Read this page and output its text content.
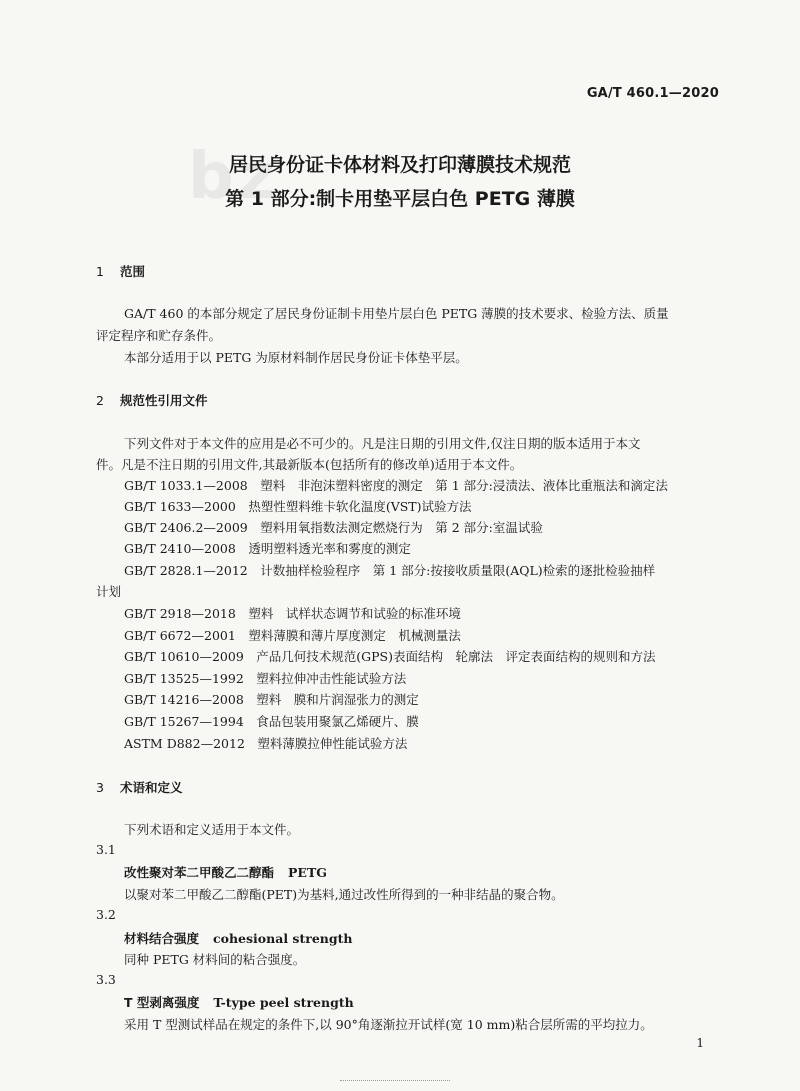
bz
GA/T 460.1—2020
居民身份证卡体材料及打印薄膜技术规范
第 1 部分:制卡用垫平层白色 PETG 薄膜
1 范围
GA/T 460 的本部分规定了居民身份证制卡用垫片层白色 PETG 薄膜的技术要求、检验方法、质量
评定程序和贮存条件。
本部分适用于以 PETG 为原材料制作居民身份证卡体垫平层。
2 规范性引用文件
下列文件对于本文件的应用是必不可少的。凡是注日期的引用文件,仅注日期的版本适用于本文
件。凡是不注日期的引用文件,其最新版本(包括所有的修改单)适用于本文件。
GB/T 1033.1—2008　塑料　非泡沫塑料密度的测定　第 1 部分:浸渍法、液体比重瓶法和滴定法
GB/T 1633—2000　热塑性塑料维卡软化温度(VST)试验方法
GB/T 2406.2—2009　塑料用氧指数法测定燃烧行为　第 2 部分:室温试验
GB/T 2410—2008　透明塑料透光率和雾度的测定
GB/T 2828.1—2012　计数抽样检验程序　第 1 部分:按接收质量限(AQL)检索的逐批检验抽样
计划
GB/T 2918—2018　塑料　试样状态调节和试验的标准环境
GB/T 6672—2001　塑料薄膜和薄片厚度测定　机械测量法
GB/T 10610—2009　产品几何技术规范(GPS)表面结构　轮廓法　评定表面结构的规则和方法
GB/T 13525—1992　塑料拉伸冲击性能试验方法
GB/T 14216—2008　塑料　膜和片润湿张力的测定
GB/T 15267—1994　食品包装用聚氯乙烯硬片、膜
ASTM D882—2012　塑料薄膜拉伸性能试验方法
3 术语和定义
下列术语和定义适用于本文件。
3.1
改性聚对苯二甲酸乙二醇酯 PETG
以聚对苯二甲酸乙二醇酯(PET)为基料,通过改性所得到的一种非结晶的聚合物。
3.2
材料结合强度 cohesional strength
同种 PETG 材料间的粘合强度。
3.3
T 型剥离强度 T-type peel strength
采用 T 型测试样品在规定的条件下,以 90°角逐渐拉开试样(宽 10 mm)粘合层所需的平均拉力。
1
